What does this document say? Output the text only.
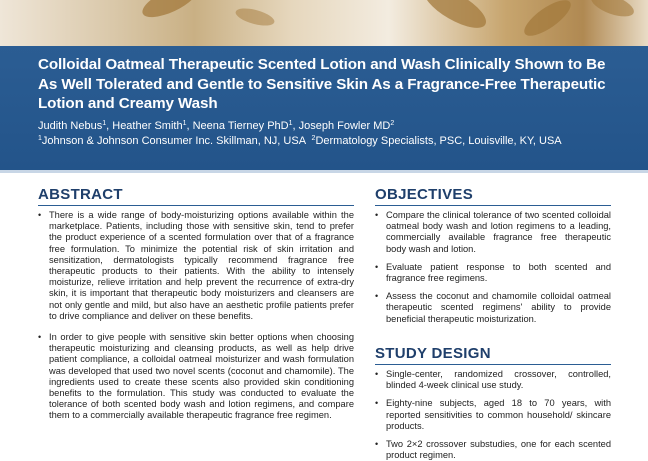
Colloidal Oatmeal Therapeutic Scented Lotion and Wash Clinically Shown to Be As Well Tolerated and Gentle to Sensitive Skin As a Fragrance-Free Therapeutic Lotion and Creamy Wash
Judith Nebus$^1$, Heather Smith$^1$, Neena Tierney PhD$^1$, Joseph Fowler $MD^2$
$^1$Johnson & Johnson Consumer Inc. Skillman, NJ, USA $^2$Dermatology Specialists, PSC, Louisville, KY, USA
ABSTRACT
• There is a wide range of body-moisturizing options available within the marketplace. Patients, including those with sensitive skin, tend to prefer the product experience of a scented formulation over that of a fragrance free formulation. To minimize the potential risk of skin irritation and sensitization, dermatologists typically recommend fragrance free therapeutic products to their patients. With the ability to intensely moisturize, relieve irritation and help prevent the recurrence of extra-dry skin, it is important that therapeutic body moisturizers and cleansers are not only gentle and mild, but also have an aesthetic profile patients prefer to drive compliance and deliver on these benefits.
• In order to give people with sensitive skin better options when choosing therapeutic moisturizing and cleansing products, as well as help drive patient compliance, a colloidal oatmeal moisturizer and wash formulation was developed that used two novel scents (coconut and chamomile). The ingredients used to create these scents also provided skin conditioning benefits to the formulation. This study was conducted to evaluate the tolerance of both scented body wash and lotion regimens, and compare them to a commercially available therapeutic fragrance free regimen.
OBJECTIVES
• Compare the clinical tolerance of two scented colloidal oatmeal body wash and lotion regimens to a leading, commercially available fragrance free therapeutic body wash and lotion.
• Evaluate patient response to both scented and fragrance free regimens.
• Assess the coconut and chamomile colloidal oatmeal therapeutic scented regimens' ability to provide beneficial therapeutic moisturization.
STUDY DESIGN
• Single-center, randomized crossover, controlled, blinded 4-week clinical use study.
• Eighty-nine subjects, aged 18 to 70 years, with reported sensitivities to common household/ skincare products.
• Two 2×2 crossover substudies, one for each scented product regimen.
